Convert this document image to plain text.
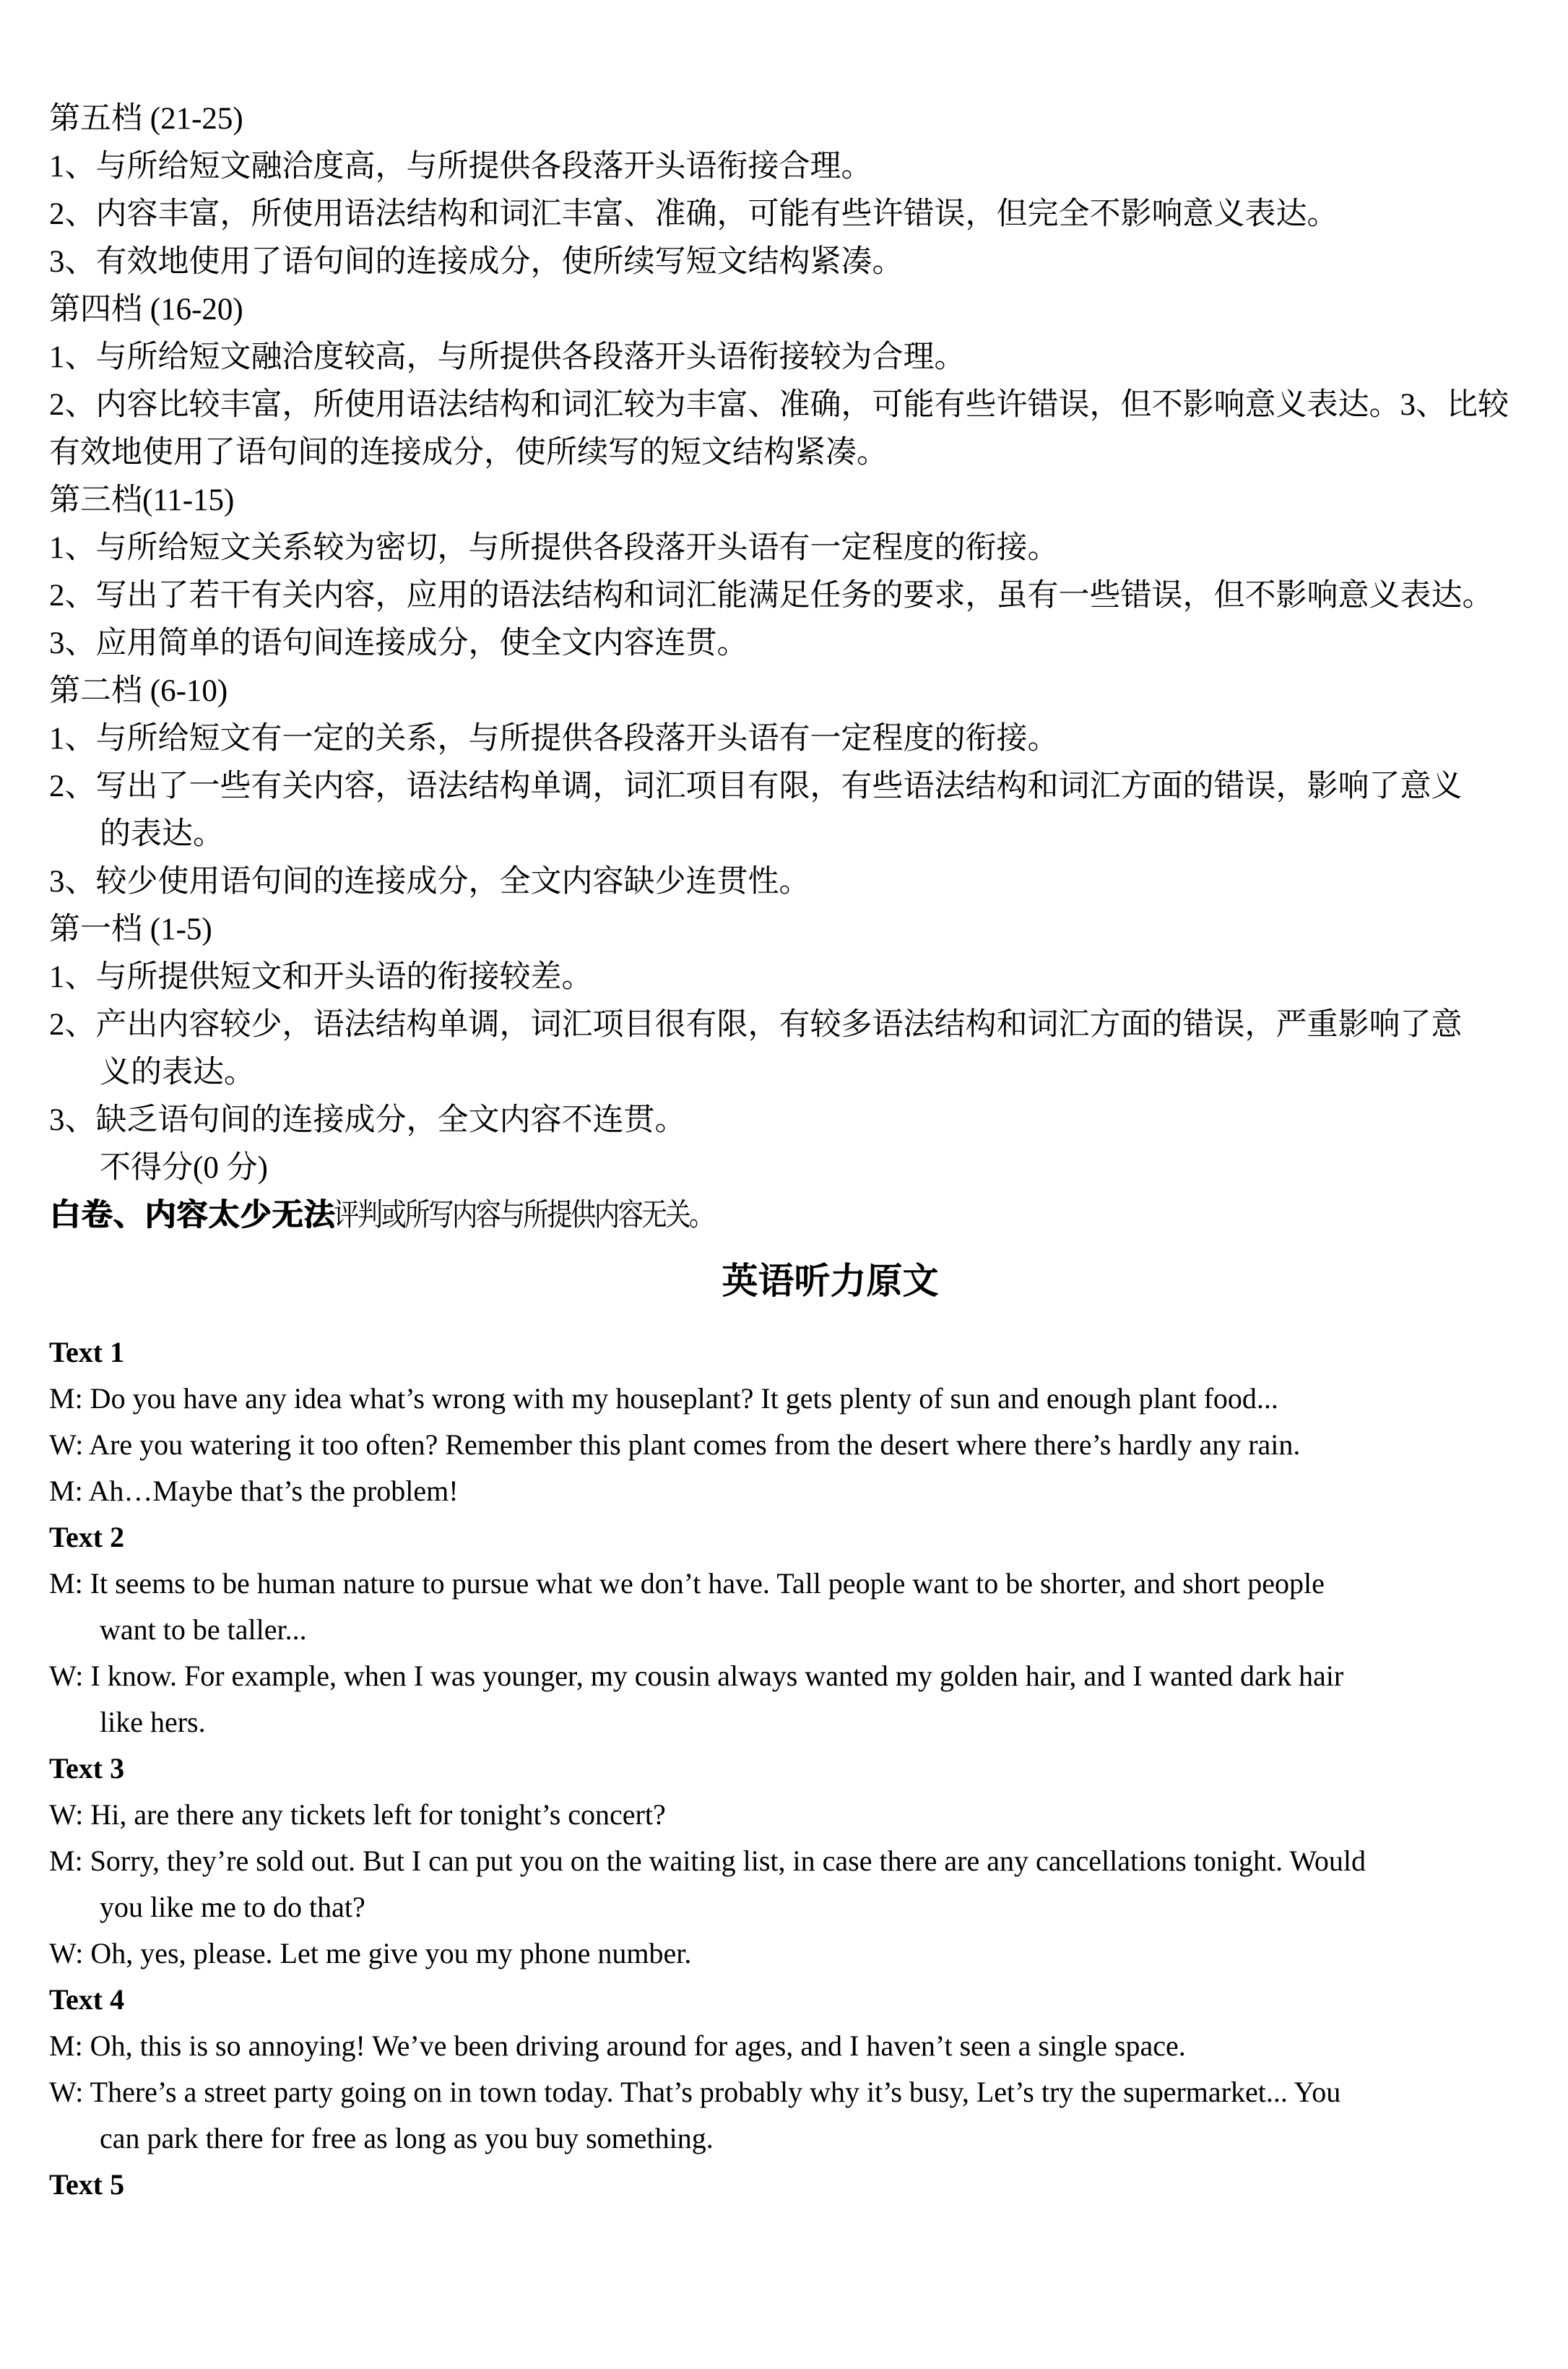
第五档 (21-25)
1、与所给短文融洽度高，与所提供各段落开头语衔接合理。
2、内容丰富，所使用语法结构和词汇丰富、准确，可能有些许错误，但完全不影响意义表达。
3、有效地使用了语句间的连接成分，使所续写短文结构紧凑。
第四档 (16-20)
1、与所给短文融洽度较高，与所提供各段落开头语衔接较为合理。
2、内容比较丰富，所使用语法结构和词汇较为丰富、准确，可能有些许错误，但不影响意义表达。3、比较
有效地使用了语句间的连接成分，使所续写的短文结构紧凑。
第三档(11-15)
1、与所给短文关系较为密切，与所提供各段落开头语有一定程度的衔接。
2、写出了若干有关内容，应用的语法结构和词汇能满足任务的要求，虽有一些错误，但不影响意义表达。
3、应用简单的语句间连接成分，使全文内容连贯。
第二档 (6-10)
1、与所给短文有一定的关系，与所提供各段落开头语有一定程度的衔接。
2、写出了一些有关内容，语法结构单调，词汇项目有限，有些语法结构和词汇方面的错误，影响了意义
的表达。
3、较少使用语句间的连接成分，全文内容缺少连贯性。
第一档 (1-5)
1、与所提供短文和开头语的衔接较差。
2、产出内容较少，语法结构单调，词汇项目很有限，有较多语法结构和词汇方面的错误，严重影响了意
义的表达。
3、缺乏语句间的连接成分，全文内容不连贯。
不得分(0 分)
白卷、内容太少无法评判或所写内容与所提供内容无关。
英语听力原文
Text 1
M: Do you have any idea what’s wrong with my houseplant? It gets plenty of sun and enough plant food...
W: Are you watering it too often? Remember this plant comes from the desert where there’s hardly any rain.
M: Ah…Maybe that’s the problem!
Text 2
M: It seems to be human nature to pursue what we don’t have. Tall people want to be shorter, and short people
want to be taller...
W: I know. For example, when I was younger, my cousin always wanted my golden hair, and I wanted dark hair
like hers.
Text 3
W: Hi, are there any tickets left for tonight’s concert?
M: Sorry, they’re sold out. But I can put you on the waiting list, in case there are any cancellations tonight. Would
you like me to do that?
W: Oh, yes, please. Let me give you my phone number.
Text 4
M: Oh, this is so annoying! We’ve been driving around for ages, and I haven’t seen a single space.
W: There’s a street party going on in town today. That’s probably why it’s busy, Let’s try the supermarket... You
can park there for free as long as you buy something.
Text 5
